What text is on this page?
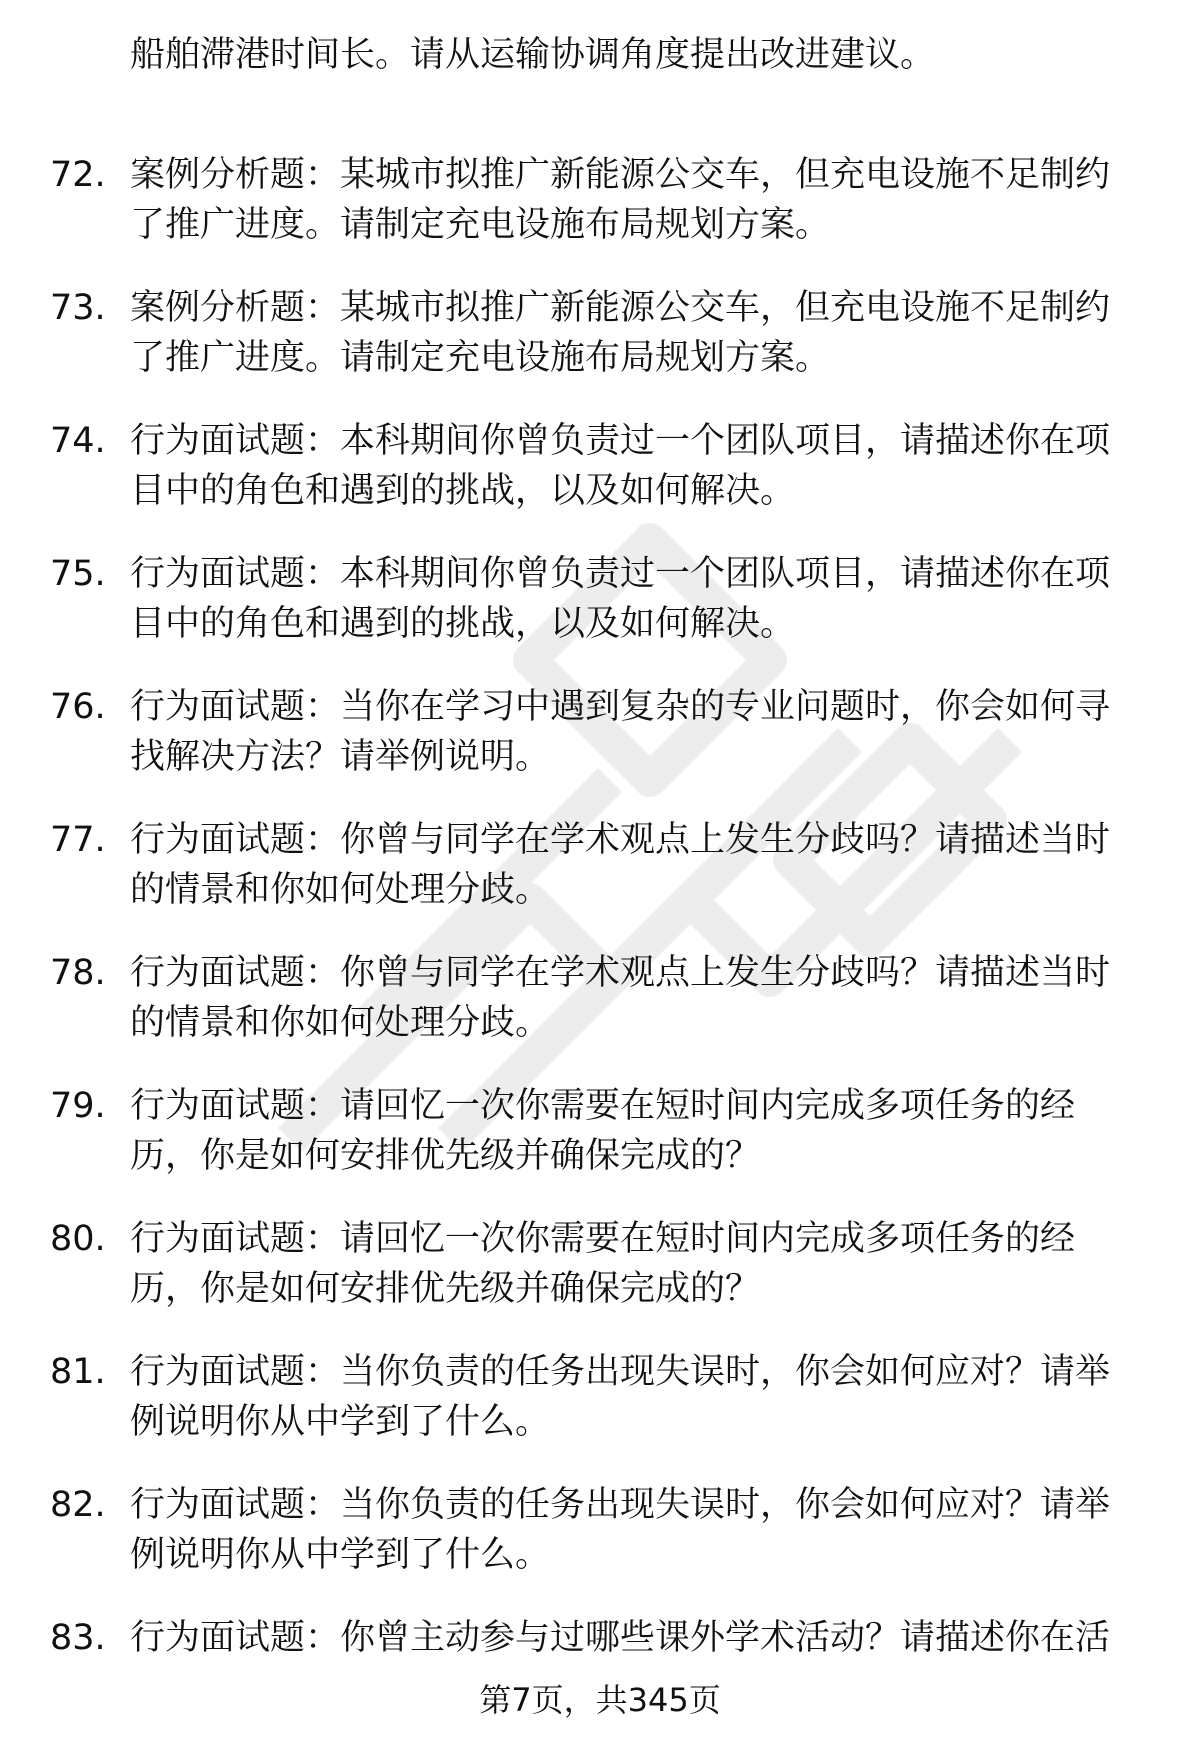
船舶滞港时间长。请从运输协调角度提出改进建议。

72. 案例分析题：某城市拟推广新能源公交车，但充电设施不足制约了推广进度。请制定充电设施布局规划方案。
73. 案例分析题：某城市拟推广新能源公交车，但充电设施不足制约了推广进度。请制定充电设施布局规划方案。
74. 行为面试题：本科期间你曾负责过一个团队项目，请描述你在项目中的角色和遇到的挑战，以及如何解决。
75. 行为面试题：本科期间你曾负责过一个团队项目，请描述你在项目中的角色和遇到的挑战，以及如何解决。
76. 行为面试题：当你在学习中遇到复杂的专业问题时，你会如何寻找解决方法？请举例说明。
77. 行为面试题：你曾与同学在学术观点上发生分歧吗？请描述当时的情景和你如何处理分歧。
78. 行为面试题：你曾与同学在学术观点上发生分歧吗？请描述当时的情景和你如何处理分歧。
79. 行为面试题：请回忆一次你需要在短时间内完成多项任务的经历，你是如何安排优先级并确保完成的？
80. 行为面试题：请回忆一次你需要在短时间内完成多项任务的经历，你是如何安排优先级并确保完成的？
81. 行为面试题：当你负责的任务出现失误时，你会如何应对？请举例说明你从中学到了什么。
82. 行为面试题：当你负责的任务出现失误时，你会如何应对？请举例说明你从中学到了什么。
83. 行为面试题：你曾主动参与过哪些课外学术活动？请描述你在活
第7页，共345页
